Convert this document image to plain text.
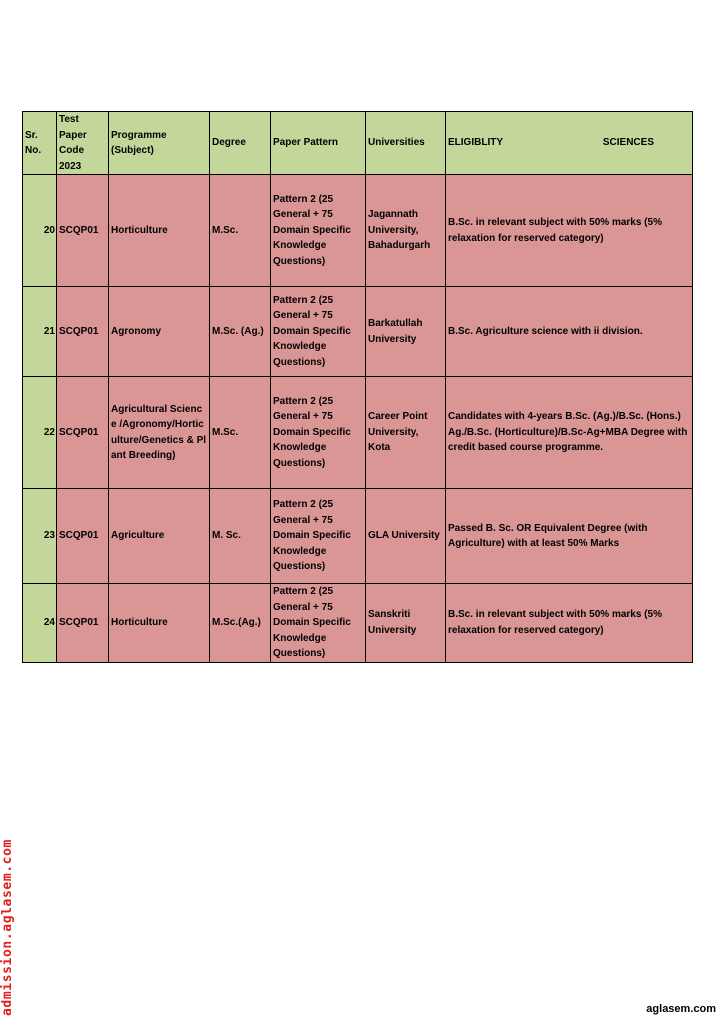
Sr. No.	Test Paper Code 2023	Programme (Subject)	Degree	Paper Pattern	Universities	ELIGIBLITY SCIENCES

20	SCQP01	Horticulture	M.Sc.	Pattern 2 (25 General + 75 Domain Specific Knowledge Questions)	Jagannath University, Bahadurgarh	B.Sc. in relevant subject with 50% marks (5% relaxation for reserved category)
21	SCQP01	Agronomy	M.Sc. (Ag.)	Pattern 2 (25 General + 75 Domain Specific Knowledge Questions)	Barkatullah University	B.Sc. Agriculture science with ii division.
22	SCQP01	Agricultural Science /Agronomy/Horticulture/Genetics & Plant Breeding)	M.Sc.	Pattern 2 (25 General + 75 Domain Specific Knowledge Questions)	Career Point University, Kota	Candidates with 4-years B.Sc. (Ag.)/B.Sc. (Hons.) Ag./B.Sc. (Horticulture)/B.Sc-Ag+MBA Degree with credit based course programme.
23	SCQP01	Agriculture	M. Sc.	Pattern 2 (25 General + 75 Domain Specific Knowledge Questions)	GLA University	Passed B. Sc. OR Equivalent Degree (with Agriculture) with at least 50% Marks
24	SCQP01	Horticulture	M.Sc.(Ag.)	Pattern 2 (25 General + 75 Domain Specific Knowledge Questions)	Sanskriti University	B.Sc. in relevant subject with 50% marks (5% relaxation for reserved category)
admission.aglasem.com	aglasem.com
